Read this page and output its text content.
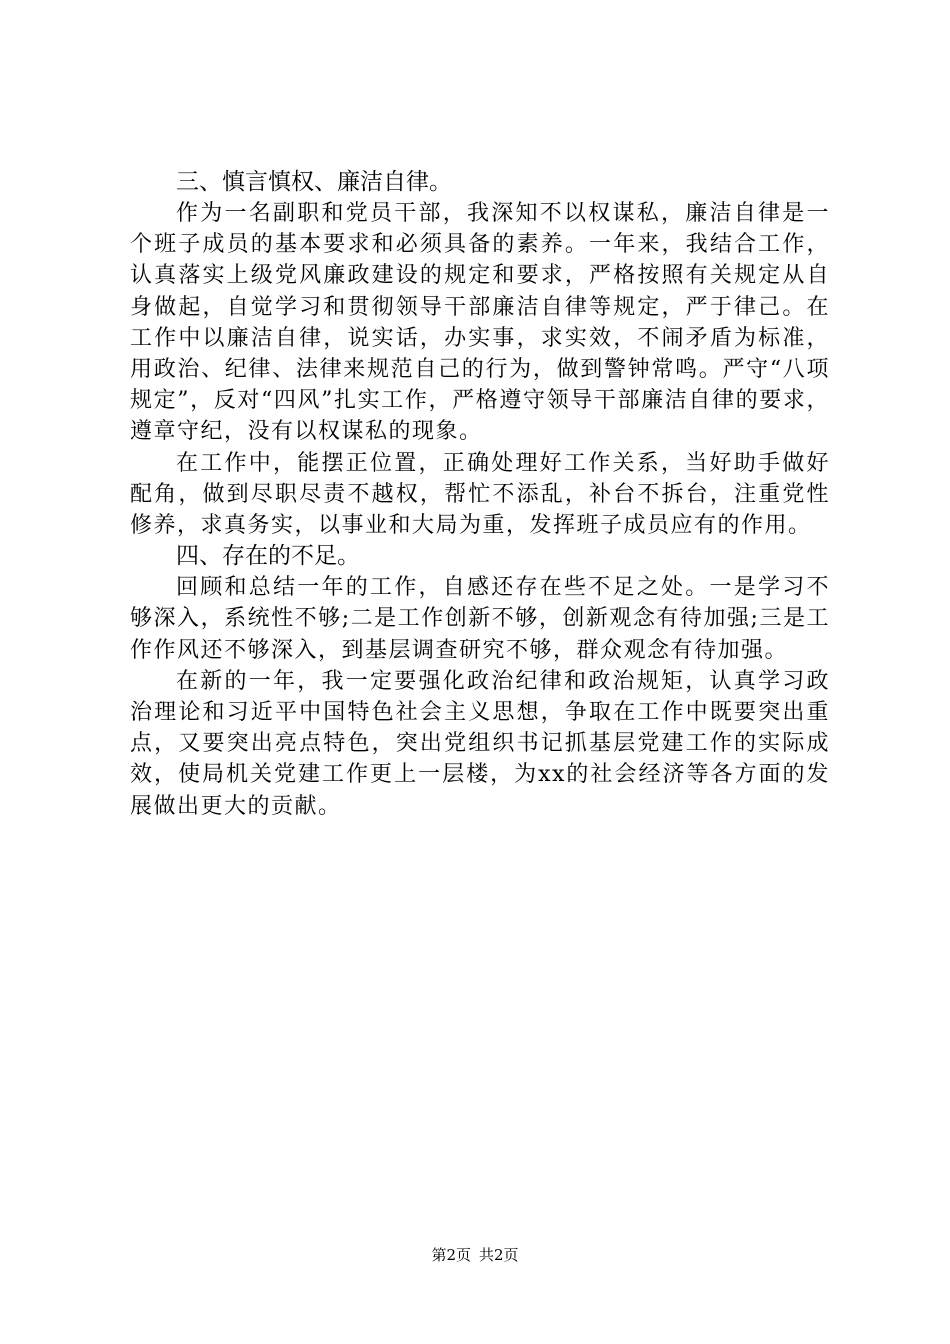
三、慎言慎权、廉洁自律。

作为一名副职和党员干部，我深知不以权谋私，廉洁自律是一个班子成员的基本要求和必须具备的素养。一年来，我结合工作，认真落实上级党风廉政建设的规定和要求，严格按照有关规定从自身做起，自觉学习和贯彻领导干部廉洁自律等规定，严于律己。在工作中以廉洁自律，说实话，办实事，求实效，不闹矛盾为标准，用政治、纪律、法律来规范自己的行为，做到警钟常鸣。严守“八项规定”，反对“四风”扎实工作，严格遵守领导干部廉洁自律的要求，遵章守纪，没有以权谋私的现象。

在工作中，能摆正位置，正确处理好工作关系，当好助手做好配角，做到尽职尽责不越权，帮忙不添乱，补台不拆台，注重党性修养，求真务实，以事业和大局为重，发挥班子成员应有的作用。

四、存在的不足。

回顾和总结一年的工作，自感还存在些不足之处。一是学习不够深入，系统性不够;二是工作创新不够，创新观念有待加强;三是工作作风还不够深入，到基层调查研究不够，群众观念有待加强。

在新的一年，我一定要强化政治纪律和政治规矩，认真学习政治理论和习近平中国特色社会主义思想，争取在工作中既要突出重点，又要突出亮点特色，突出党组织书记抓基层党建工作的实际成效，使局机关党建工作更上一层楼，为xx的社会经济等各方面的发展做出更大的贡献。

第2页 共2页
